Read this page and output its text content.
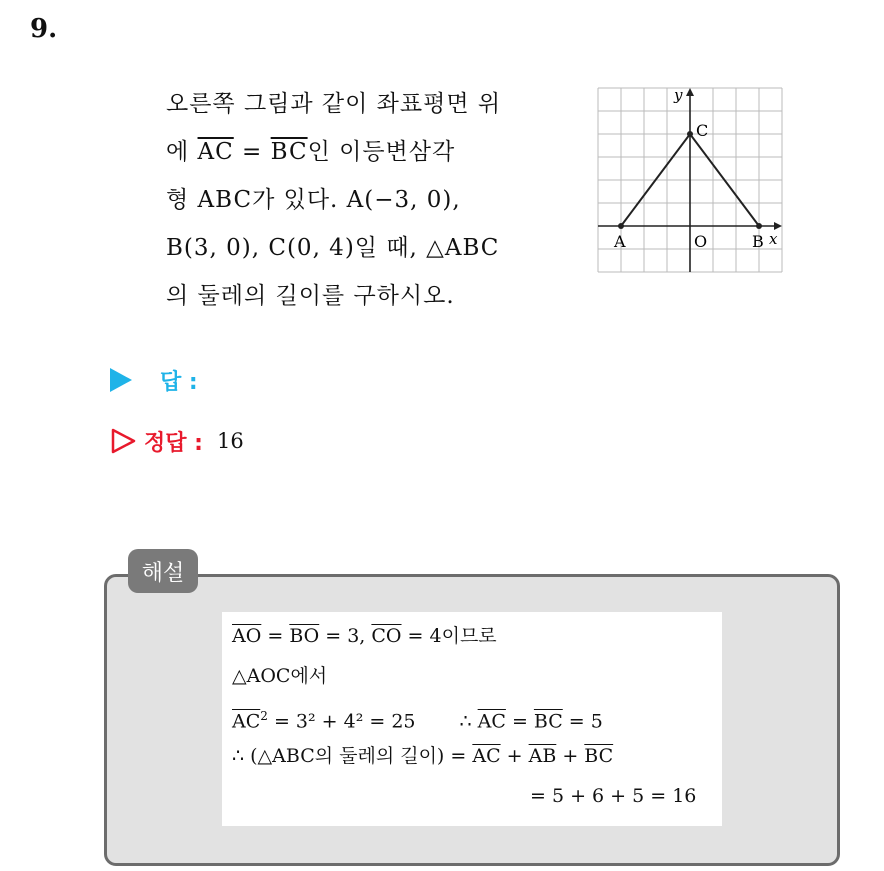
9.
오른쪽 그림과 같이 좌표평면 위
에 $\overline{AC} = \overline{BC}$인 이등변삼각
형 ABC가 있다. A(−3, 0),
B(3, 0), C(0, 4)일 때, △ABC
의 둘레의 길이를 구하시오.
y
x
C
A	O	B
답 :
정답 : 16
해설
$\overline{AO} = \overline{BO} = 3$, $\overline{CO} = 4$이므로
△AOC에서
$\overline{AC}^2 = 3^2 + 4^2 = 25$ ∴ $\overline{AC} = \overline{BC} = 5$
∴ (△ABC의 둘레의 길이) = $\overline{AC} + \overline{AB} + \overline{BC}$
= 5 + 6 + 5 = 16
